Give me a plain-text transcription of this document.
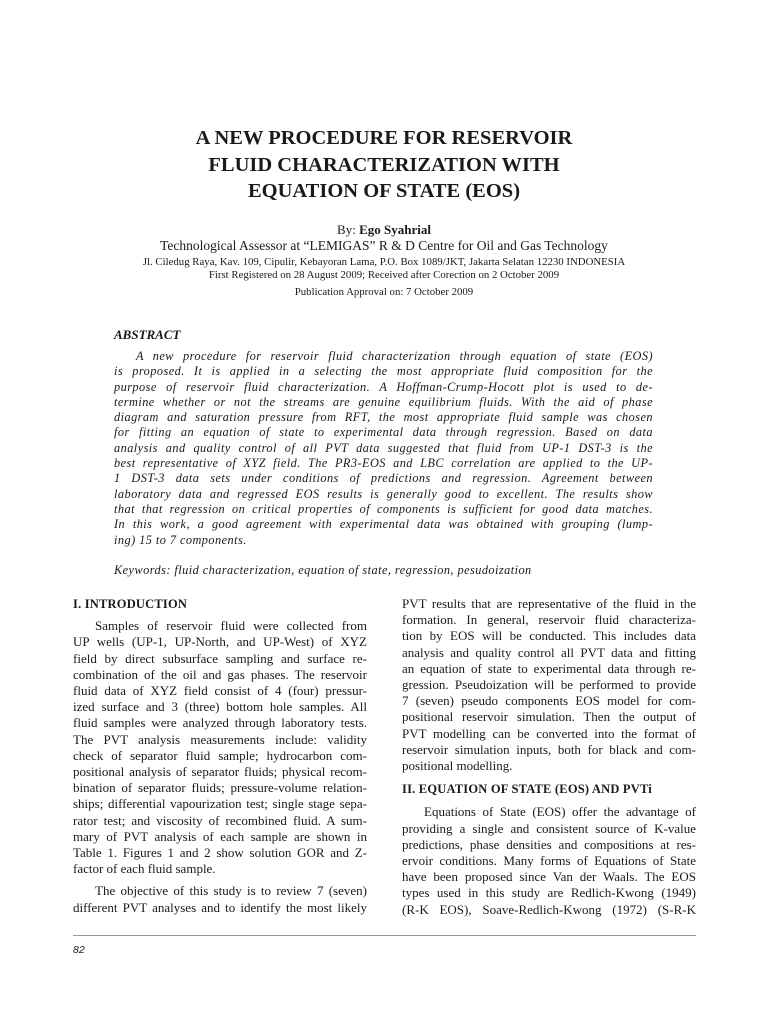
A NEW PROCEDURE FOR RESERVOIR
FLUID CHARACTERIZATION WITH
EQUATION OF STATE (EOS)
By: Ego Syahrial
Technological Assessor at “LEMIGAS” R & D Centre for Oil and Gas Technology
Jl. Ciledug Raya, Kav. 109, Cipulir, Kebayoran Lama, P.O. Box 1089/JKT, Jakarta Selatan 12230 INDONESIA
First Registered on 28 August 2009; Received after Corection on 2 October 2009
Publication Approval on: 7 October 2009
ABSTRACT
A new procedure for reservoir fluid characterization through equation of state (EOS)
is proposed. It is applied in a selecting the most appropriate fluid composition for the
purpose of reservoir fluid characterization. A Hoffman-Crump-Hocott plot is used to de-
termine whether or not the streams are genuine equilibrium fluids. With the aid of phase
diagram and saturation pressure from RFT, the most appropriate fluid sample was chosen
for fitting an equation of state to experimental data through regression. Based on data
analysis and quality control of all PVT data suggested that fluid from UP-1 DST-3 is the
best representative of XYZ field. The PR3-EOS and LBC correlation are applied to the UP-
1 DST-3 data sets under conditions of predictions and regression. Agreement between
laboratory data and regressed EOS results is generally good to excellent. The results show
that that regression on critical properties of components is sufficient for good data matches.
In this work, a good agreement with experimental data was obtained with grouping (lump-
ing) 15 to 7 components.
Keywords: fluid characterization, equation of state, regression, pesudoization
I. INTRODUCTION
Samples of reservoir fluid were collected from
UP wells (UP-1, UP-North, and UP-West) of XYZ
field by direct subsurface sampling and surface re-
combination of the oil and gas phases. The reservoir
fluid data of XYZ field consist of 4 (four) pressur-
ized surface and 3 (three) bottom hole samples. All
fluid samples were analyzed through laboratory tests.
The PVT analysis measurements include: validity
check of separator fluid sample; hydrocarbon com-
positional analysis of separator fluids; physical recom-
bination of separator fluids; pressure-volume relation-
ships; differential vapourization test; single stage sepa-
rator test; and viscosity of recombined fluid. A sum-
mary of PVT analysis of each sample are shown in
Table 1. Figures 1 and 2 show solution GOR and Z-
factor of each fluid sample.
The objective of this study is to review 7 (seven)
different PVT analyses and to identify the most likely
PVT results that are representative of the fluid in the
formation. In general, reservoir fluid characteriza-
tion by EOS will be conducted. This includes data
analysis and quality control all PVT data and fitting
an equation of state to experimental data through re-
gression. Pseudoization will be performed to provide
7 (seven) pseudo components EOS model for com-
positional reservoir simulation. Then the output of
PVT modelling can be converted into the format of
reservoir simulation inputs, both for black and com-
positional modelling.
II. EQUATION OF STATE (EOS) AND PVTi
Equations of State (EOS) offer the advantage of
providing a single and consistent source of K-value
predictions, phase densities and compositions at res-
ervoir conditions. Many forms of Equations of State
have been proposed since Van der Waals. The EOS
types used in this study are Redlich-Kwong (1949)
(R-K EOS), Soave-Redlich-Kwong (1972) (S-R-K
82
